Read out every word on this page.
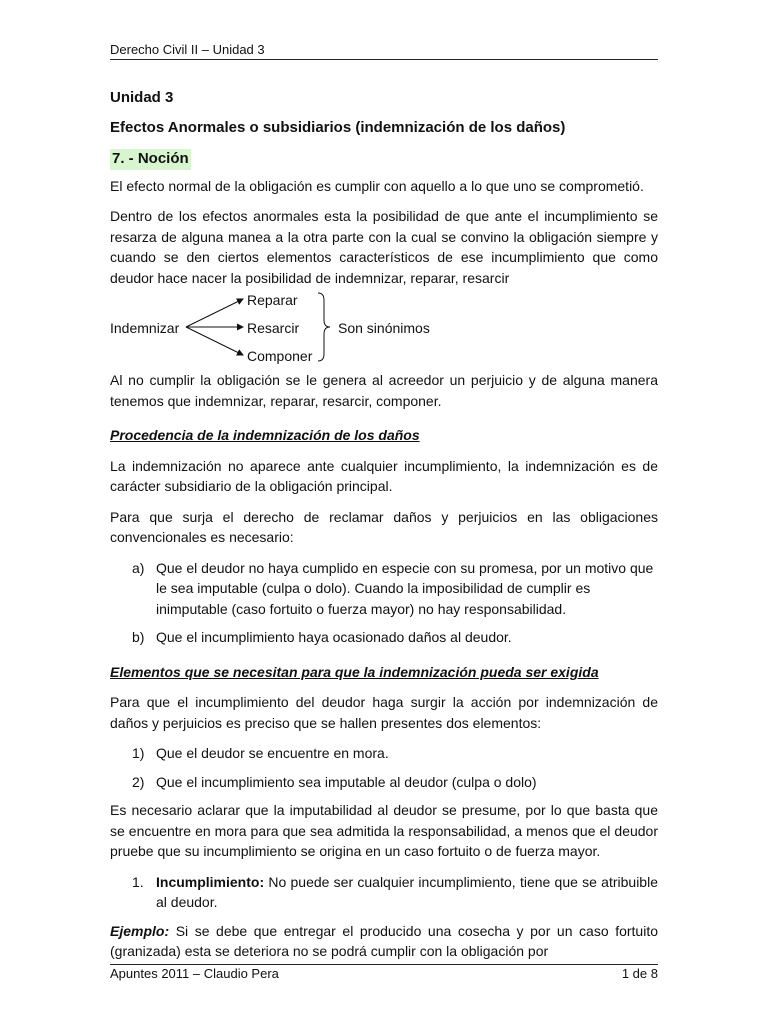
Derecho Civil II – Unidad 3

Unidad 3

Efectos Anormales o subsidiarios (indemnización de los daños)

7. - Noción

El efecto normal de la obligación es cumplir con aquello a lo que uno se comprometió.

Dentro de los efectos anormales esta la posibilidad de que ante el incumplimiento se resarza de alguna manea a la otra parte con la cual se convino la obligación siempre y cuando se den ciertos elementos característicos de ese incumplimiento que como deudor hace nacer la posibilidad de indemnizar, reparar, resarcir

Indemnizar
Reparar
Resarcir
Componer
Son sinónimos

Al no cumplir la obligación se le genera al acreedor un perjuicio y de alguna manera tenemos que indemnizar, reparar, resarcir, componer.

Procedencia de la indemnización de los daños

La indemnización no aparece ante cualquier incumplimiento, la indemnización es de carácter subsidiario de la obligación principal.

Para que surja el derecho de reclamar daños y perjuicios en las obligaciones convencionales es necesario:

a) Que el deudor no haya cumplido en especie con su promesa, por un motivo que le sea imputable (culpa o dolo). Cuando la imposibilidad de cumplir es inimputable (caso fortuito o fuerza mayor) no hay responsabilidad.
b) Que el incumplimiento haya ocasionado daños al deudor.

Elementos que se necesitan para que la indemnización pueda ser exigida

Para que el incumplimiento del deudor haga surgir la acción por indemnización de daños y perjuicios es preciso que se hallen presentes dos elementos:

1) Que el deudor se encuentre en mora.
2) Que el incumplimiento sea imputable al deudor (culpa o dolo)

Es necesario aclarar que la imputabilidad al deudor se presume, por lo que basta que se encuentre en mora para que sea admitida la responsabilidad, a menos que el deudor pruebe que su incumplimiento se origina en un caso fortuito o de fuerza mayor.

1. Incumplimiento: No puede ser cualquier incumplimiento, tiene que se atribuible al deudor.

Ejemplo: Si se debe que entregar el producido una cosecha y por un caso fortuito (granizada) esta se deteriora no se podrá cumplir con la obligación por

Apuntes 2011 – Claudio Pera	1 de 8
